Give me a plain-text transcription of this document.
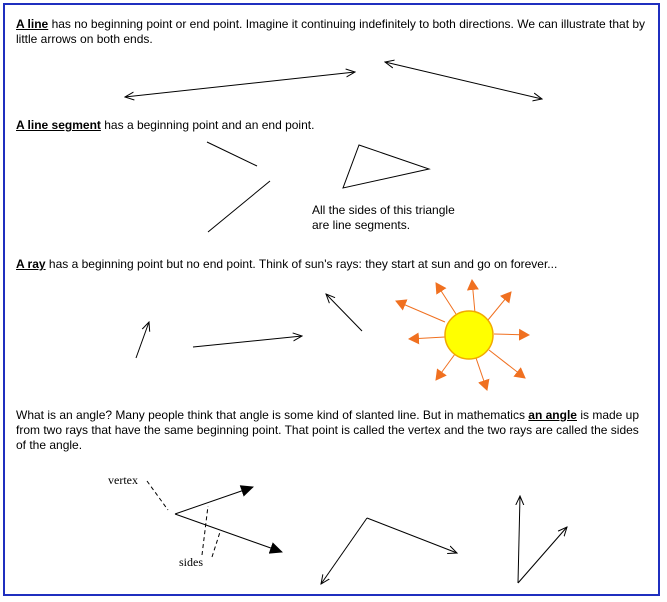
A line has no beginning point or end point. Imagine it continuing indefinitely to both directions. We can illustrate that by little arrows on both ends.
A line segment has a beginning point and an end point.
All the sides of this triangle
are line segments.
A ray has a beginning point but no end point. Think of sun's rays: they start at sun and go on forever...
What is an angle? Many people think that angle is some kind of slanted line. But in mathematics an angle is made up from two rays that have the same beginning point. That point is called the vertex and the two rays are called the sides of the angle.
vertex
sides
